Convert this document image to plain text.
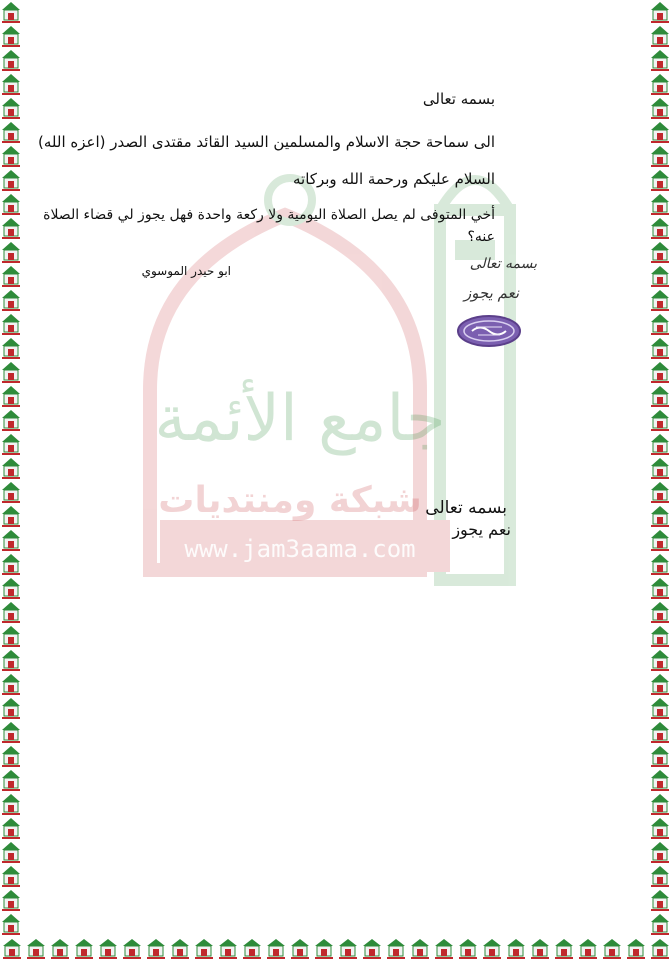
جامع الأئمة
شبكة ومنتديات
www.jam3aama.com
بسمه تعالى
الى سماحة حجة الاسلام والمسلمين السيد القائد مقتدى الصدر (اعزه الله)
السلام عليكم ورحمة الله وبركاته
أخي المتوفى لم يصل الصلاة اليومية ولا ركعة واحدة فهل يجوز لي قضاء الصلاة عنه؟
ابو حيدر الموسوي	بسمه تعالى
نعم يجوز
بسمه تعالى
نعم يجوز
